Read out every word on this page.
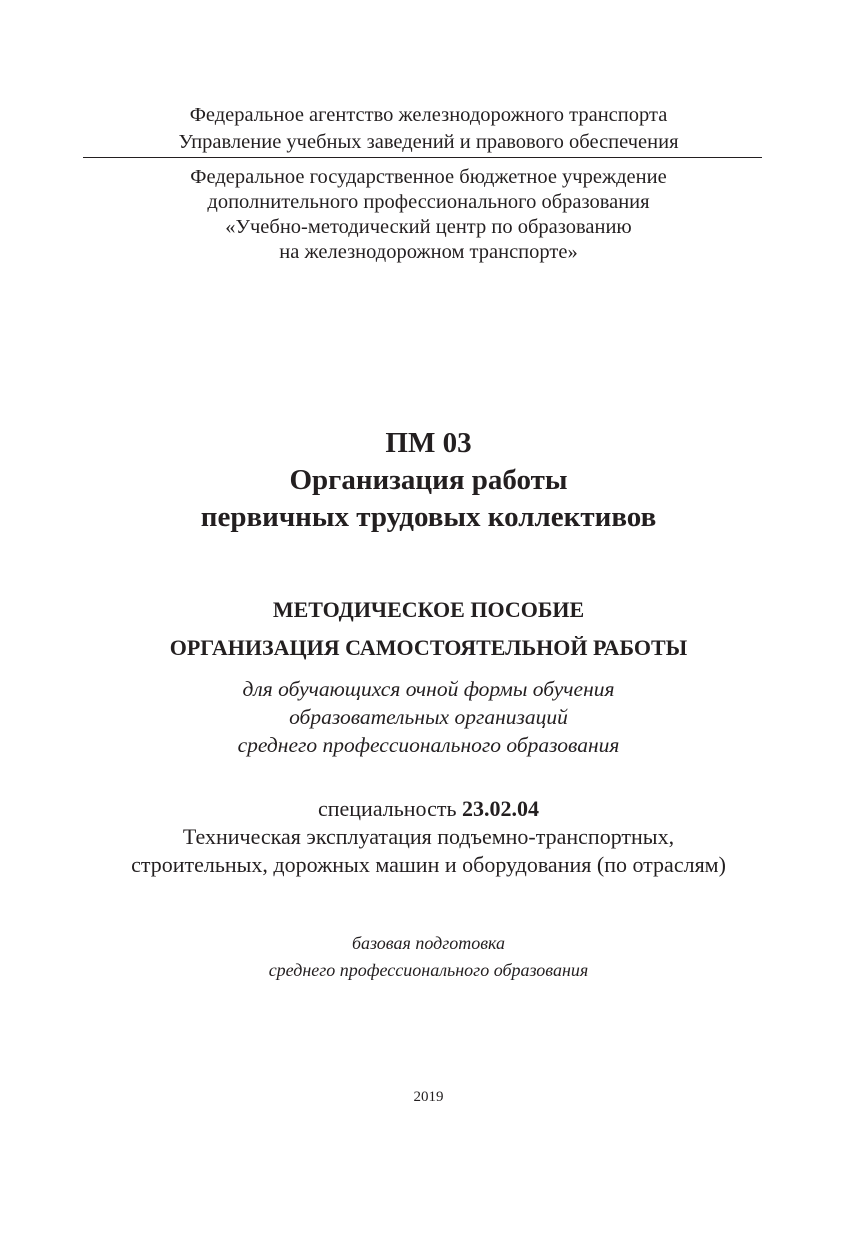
Федеральное агентство железнодорожного транспорта
Управление учебных заведений и правового обеспечения
Федеральное государственное бюджетное учреждение
дополнительного профессионального образования
«Учебно-методический центр по образованию
на железнодорожном транспорте»
ПМ 03
Организация работы
первичных трудовых коллективов
МЕТОДИЧЕСКОЕ ПОСОБИЕ
ОРГАНИЗАЦИЯ САМОСТОЯТЕЛЬНОЙ РАБОТЫ
для обучающихся очной формы обучения
образовательных организаций
среднего профессионального образования
специальность 23.02.04
Техническая эксплуатация подъемно-транспортных,
строительных, дорожных машин и оборудования (по отраслям)
базовая подготовка
среднего профессионального образования
2019
